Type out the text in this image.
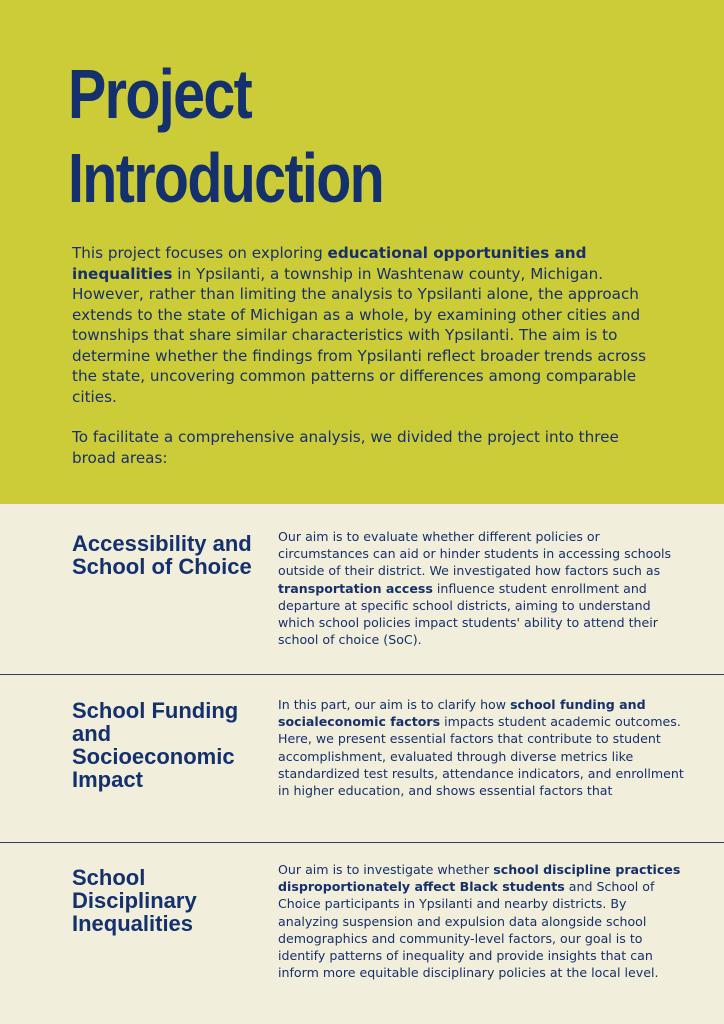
Project
Introduction

This project focuses on exploring educational opportunities and inequalities in Ypsilanti, a township in Washtenaw county, Michigan. However, rather than limiting the analysis to Ypsilanti alone, the approach extends to the state of Michigan as a whole, by examining other cities and townships that share similar characteristics with Ypsilanti. The aim is to determine whether the findings from Ypsilanti reflect broader trends across the state, uncovering common patterns or differences among comparable cities.

To facilitate a comprehensive analysis, we divided the project into three broad areas:

Accessibility and School of Choice

Our aim is to evaluate whether different policies or circumstances can aid or hinder students in accessing schools outside of their district. We investigated how factors such as transportation access influence student enrollment and departure at specific school districts, aiming to understand which school policies impact students' ability to attend their school of choice (SoC).

School Funding and Socioeconomic Impact

In this part, our aim is to clarify how school funding and socialeconomic factors impacts student academic outcomes. Here, we present essential factors that contribute to student accomplishment, evaluated through diverse metrics like standardized test results, attendance indicators, and enrollment in higher education, and shows essential factors that

School Disciplinary Inequalities

Our aim is to investigate whether school discipline practices disproportionately affect Black students and School of Choice participants in Ypsilanti and nearby districts. By analyzing suspension and expulsion data alongside school demographics and community-level factors, our goal is to identify patterns of inequality and provide insights that can inform more equitable disciplinary policies at the local level.
